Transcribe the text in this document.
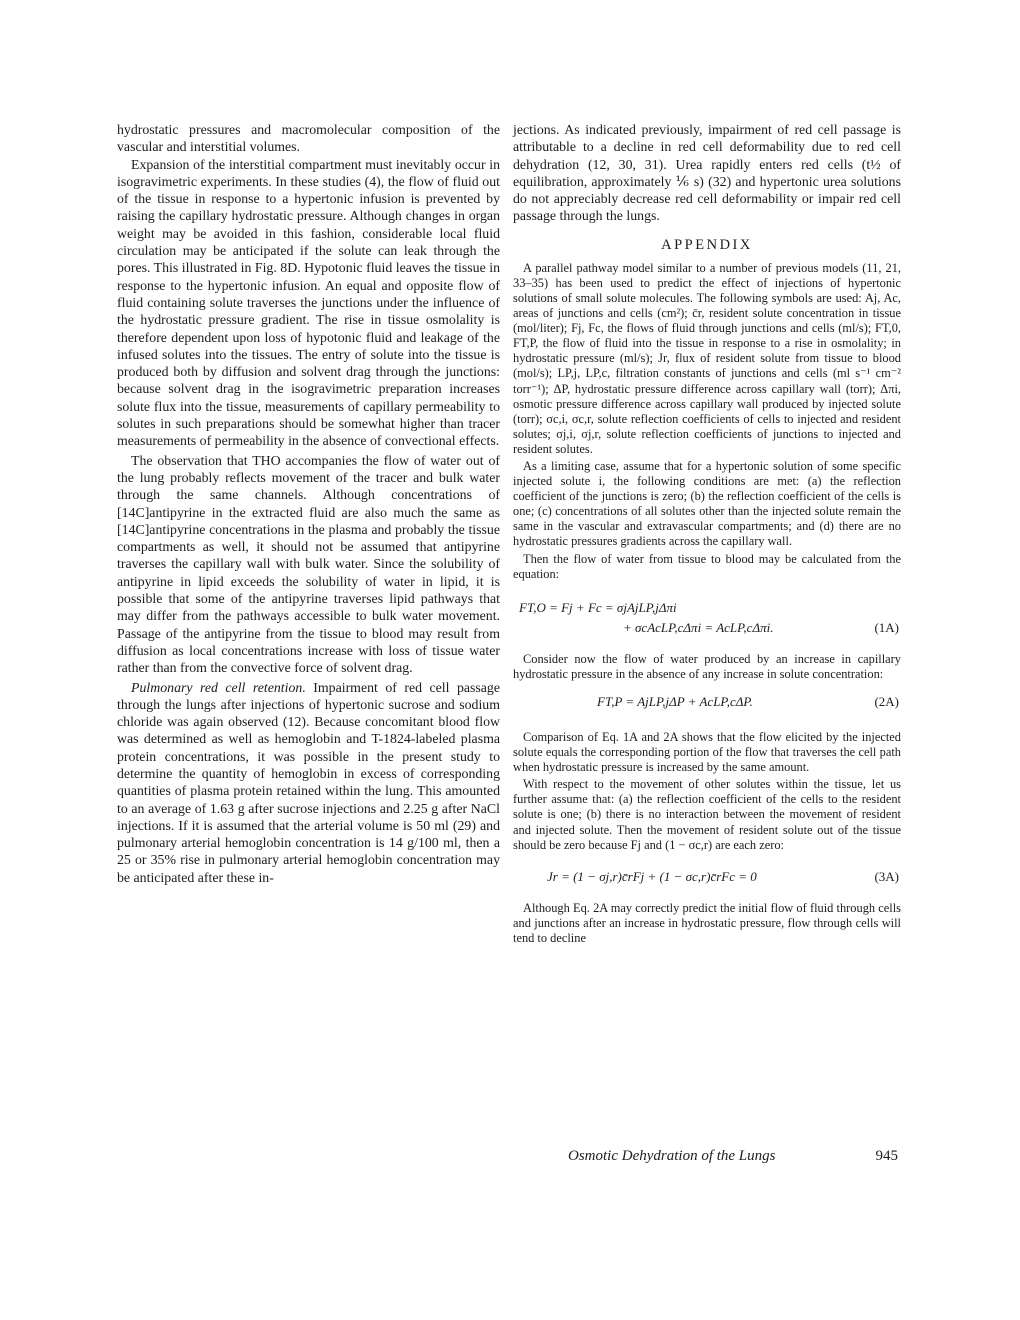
hydrostatic pressures and macromolecular composition of the vascular and interstitial volumes.

Expansion of the interstitial compartment must inevitably occur in isogravimetric experiments. In these studies (4), the flow of fluid out of the tissue in response to a hypertonic infusion is prevented by raising the capillary hydrostatic pressure. Although changes in organ weight may be avoided in this fashion, considerable local fluid circulation may be anticipated if the solute can leak through the pores. This illustrated in Fig. 8D. Hypotonic fluid leaves the tissue in response to the hypertonic infusion. An equal and opposite flow of fluid containing solute traverses the junctions under the influence of the hydrostatic pressure gradient. The rise in tissue osmolality is therefore dependent upon loss of hypotonic fluid and leakage of the infused solutes into the tissues. The entry of solute into the tissue is produced both by diffusion and solvent drag through the junctions: because solvent drag in the isogravimetric preparation increases solute flux into the tissue, measurements of capillary permeability to solutes in such preparations should be somewhat higher than tracer measurements of permeability in the absence of convectional effects.

The observation that THO accompanies the flow of water out of the lung probably reflects movement of the tracer and bulk water through the same channels. Although concentrations of [14C]antipyrine in the extracted fluid are also much the same as [14C]antipyrine concentrations in the plasma and probably the tissue compartments as well, it should not be assumed that antipyrine traverses the capillary wall with bulk water. Since the solubility of antipyrine in lipid exceeds the solubility of water in lipid, it is possible that some of the antipyrine traverses lipid pathways that may differ from the pathways accessible to bulk water movement. Passage of the antipyrine from the tissue to blood may result from diffusion as local concentrations increase with loss of tissue water rather than from the convective force of solvent drag.

Pulmonary red cell retention. Impairment of red cell passage through the lungs after injections of hypertonic sucrose and sodium chloride was again observed (12). Because concomitant blood flow was determined as well as hemoglobin and T-1824-labeled plasma protein concentrations, it was possible in the present study to determine the quantity of hemoglobin in excess of corresponding quantities of plasma protein retained within the lung. This amounted to an average of 1.63 g after sucrose injections and 2.25 g after NaCl injections. If it is assumed that the arterial volume is 50 ml (29) and pulmonary arterial hemoglobin concentration is 14 g/100 ml, then a 25 or 35% rise in pulmonary arterial hemoglobin concentration may be anticipated after these in-

jections. As indicated previously, impairment of red cell passage is attributable to a decline in red cell deformability due to red cell dehydration (12, 30, 31). Urea rapidly enters red cells (t½ of equilibration, approximately ⅙ s) (32) and hypertonic urea solutions do not appreciably decrease red cell deformability or impair red cell passage through the lungs.

APPENDIX

A parallel pathway model similar to a number of previous models (11, 21, 33–35) has been used to predict the effect of injections of hypertonic solutions of small solute molecules. The following symbols are used: Aj, Ac, areas of junctions and cells (cm²); c̄r, resident solute concentration in tissue (mol/liter); Fj, Fc, the flows of fluid through junctions and cells (ml/s); FT,0, FT,P, the flow of fluid into the tissue in response to a rise in osmolality; in hydrostatic pressure (ml/s); Jr, flux of resident solute from tissue to blood (mol/s); LP,j, LP,c, filtration constants of junctions and cells (ml s⁻¹ cm⁻² torr⁻¹); ΔP, hydrostatic pressure difference across capillary wall (torr); Δπi, osmotic pressure difference across capillary wall produced by injected solute (torr); σc,i, σc,r, solute reflection coefficients of cells to injected and resident solutes; σj,i, σj,r, solute reflection coefficients of junctions to injected and resident solutes.

As a limiting case, assume that for a hypertonic solution of some specific injected solute i, the following conditions are met: (a) the reflection coefficient of the junctions is zero; (b) the reflection coefficient of the cells is one; (c) concentrations of all solutes other than the injected solute remain the same in the vascular and extravascular compartments; and (d) there are no hydrostatic pressures gradients across the capillary wall.

Then the flow of water from tissue to blood may be calculated from the equation:

FT,O = Fj + Fc = σjAjLP,jΔπi
+ σcAcLP,cΔπi = AcLP,cΔπi.	(1A)

Consider now the flow of water produced by an increase in capillary hydrostatic pressure in the absence of any increase in solute concentration:

FT,P = AjLP,jΔP + AcLP,cΔP.	(2A)

Comparison of Eq. 1A and 2A shows that the flow elicited by the injected solute equals the corresponding portion of the flow that traverses the cell path when hydrostatic pressure is increased by the same amount.

With respect to the movement of other solutes within the tissue, let us further assume that: (a) the reflection coefficient of the cells to the resident solute is one; (b) there is no interaction between the movement of resident and injected solute. Then the movement of resident solute out of the tissue should be zero because Fj and (1 − σc,r) are each zero:

Jr = (1 − σj,r)c̄rFj + (1 − σc,r)c̄rFc = 0	(3A)

Although Eq. 2A may correctly predict the initial flow of fluid through cells and junctions after an increase in hydrostatic pressure, flow through cells will tend to decline

Osmotic Dehydration of the Lungs	945
